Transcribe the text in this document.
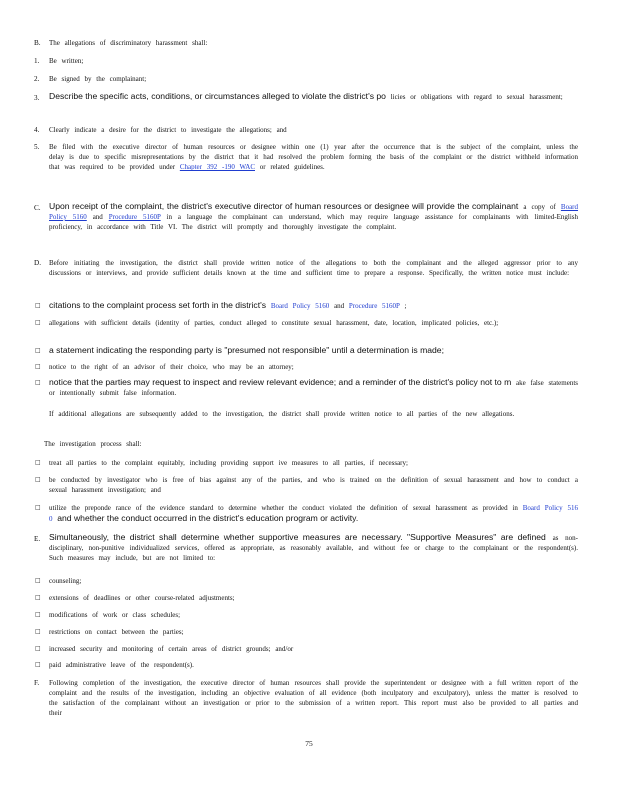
B. The allegations of discriminatory harassment shall:
1. Be written;
2. Be signed by the complainant;
3. Describe the specific acts, conditions, or circumstances alleged to violate the district's po licies or obligations with regard to sexual harassment;
4. Clearly indicate a desire for the district to investigate the allegations; and
5. Be filed with the executive director of human resources or designee within one (1) year after the occurrence that is the subject of the complaint, unless the delay is due to specific misrepresentations by the district that it had resolved the problem forming the basis of the complaint or the district withheld information that was required to be provided under Chapter 392 -190 WAC or related guidelines.
C. Upon receipt of the complaint, the district's executive director of human resources or designee will provide the complainant a copy of Board Policy 5160 and Procedure 5160P in a language the complainant can understand, which may require language assistance for complainants with limited-English proficiency, in accordance with Title VI. The district will promptly and thoroughly investigate the complaint.
D. Before initiating the investigation, the district shall provide written notice of the allegations to both the complainant and the alleged aggressor prior to any discussions or interviews, and provide sufficient details known at the time and sufficient time to prepare a response. Specifically, the written notice must include:
□ citations to the complaint process set forth in the district's Board Policy 5160 and Procedure 5160P ;
□ allegations with sufficient details (identity of parties, conduct alleged to constitute sexual harassment, date, location, implicated policies, etc.);
□ a statement indicating the responding party is "presumed not responsible" until a determination is made;
□ notice to the right of an advisor of their choice, who may be an attorney;
□ notice that the parties may request to inspect and review relevant evidence; and a reminder of the district's policy not to m ake false statements or intentionally submit false information.
If additional allegations are subsequently added to the investigation, the district shall provide written notice to all parties of the new allegations.
The investigation process shall:
□ treat all parties to the complaint equitably, including providing support ive measures to all parties, if necessary;
□ be conducted by investigator who is free of bias against any of the parties, and who is trained on the definition of sexual harassment and how to conduct a sexual harassment investigation; and
□ utilize the preponde rance of the evidence standard to determine whether the conduct violated the definition of sexual harassment as provided in Board Policy 516 0 and whether the conduct occurred in the district's education program or activity.
E. Simultaneously, the district shall determine whether supportive measures are necessary. "Supportive Measures" are defined as non-disciplinary, non-punitive individualized services, offered as appropriate, as reasonably available, and without fee or charge to the complainant or the respondent(s). Such measures may include, but are not limited to:
□ counseling;
□ extensions of deadlines or other course-related adjustments;
□ modifications of work or class schedules;
□ restrictions on contact between the parties;
□ increased security and monitoring of certain areas of district grounds; and/or
□ paid administrative leave of the respondent(s).
F. Following completion of the investigation, the executive director of human resources shall provide the superintendent or designee with a full written report of the complaint and the results of the investigation, including an objective evaluation of all evidence (both inculpatory and exculpatory), unless the matter is resolved to the satisfaction of the complainant without an investigation or prior to the submission of a written report. This report must also be provided to all parties and their
75
